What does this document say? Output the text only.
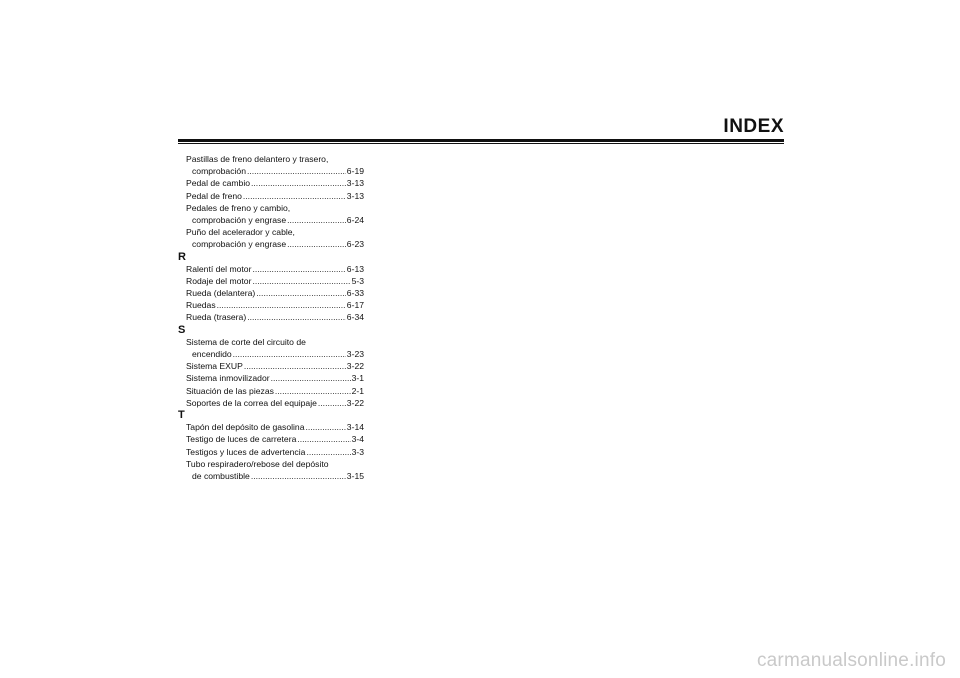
INDEX
Pastillas de freno delantero y trasero,
comprobación .....	6-19
Pedal de cambio .....	3-13
Pedal de freno .....	3-13
Pedales de freno y cambio,
comprobación y engrase .....	6-24
Puño del acelerador y cable,
comprobación y engrase .....	6-23
R
Ralentí del motor .....	6-13
Rodaje del motor .....	5-3
Rueda (delantera) .....	6-33
Ruedas .....	6-17
Rueda (trasera) .....	6-34
S
Sistema de corte del circuito de
encendido .....	3-23
Sistema EXUP .....	3-22
Sistema inmovilizador .....	3-1
Situación de las piezas .....	2-1
Soportes de la correa del equipaje .....	3-22
T
Tapón del depósito de gasolina .....	3-14
Testigo de luces de carretera .....	3-4
Testigos y luces de advertencia .....	3-3
Tubo respiradero/rebose del depósito
de combustible .....	3-15
carmanualsonline.info
